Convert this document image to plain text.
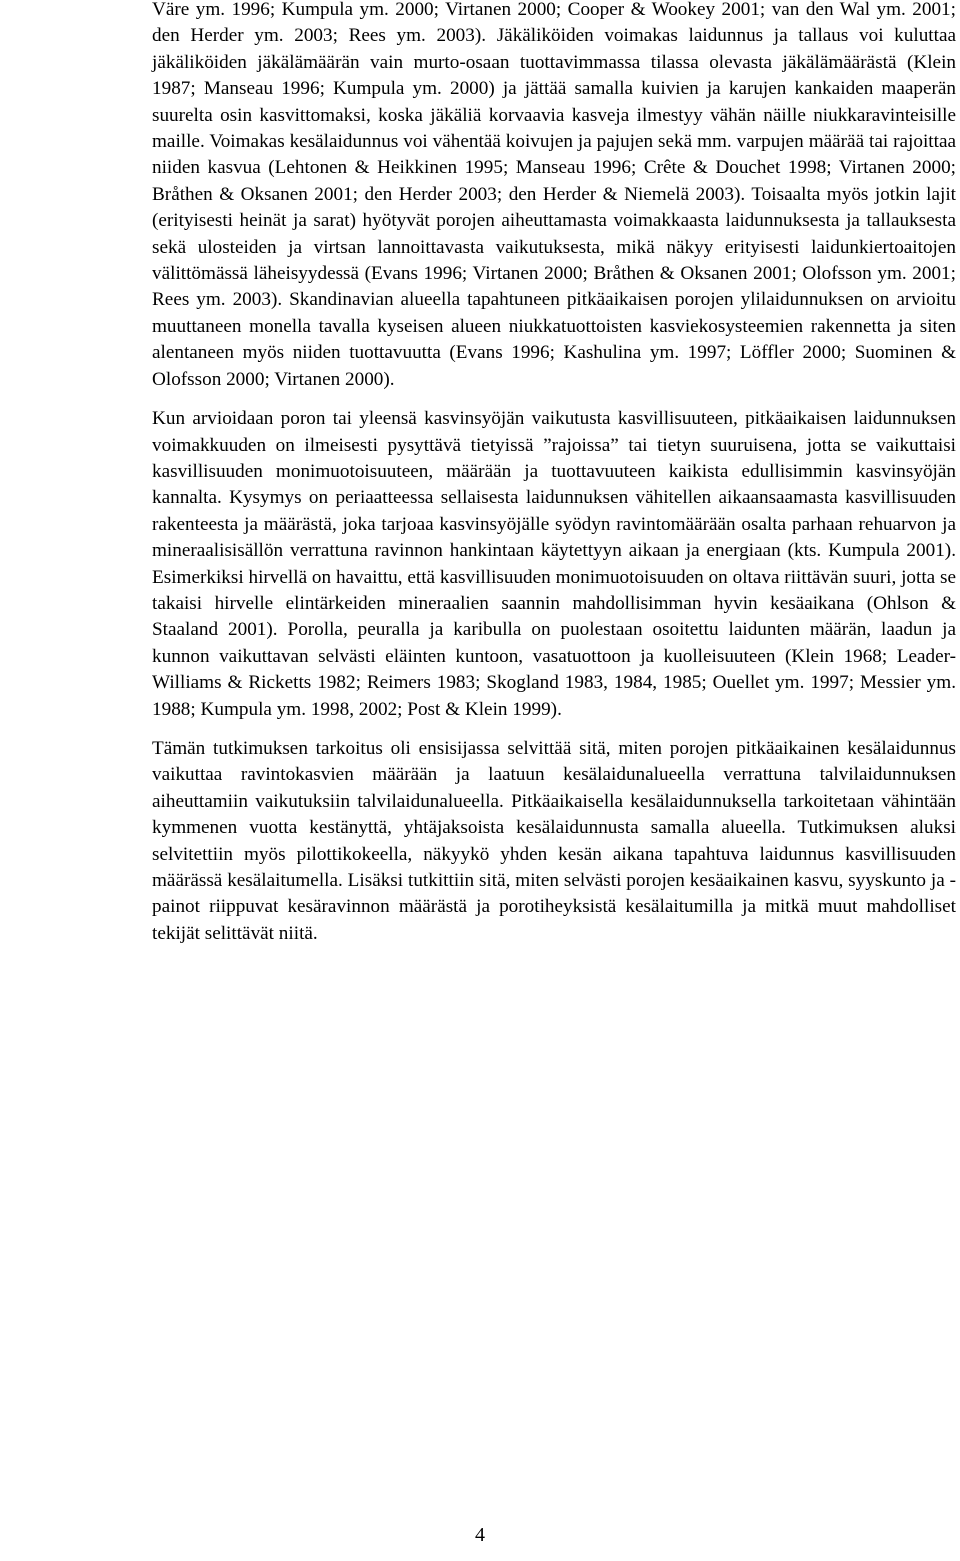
Väre ym. 1996; Kumpula ym. 2000; Virtanen 2000; Cooper & Wookey 2001; van den Wal ym. 2001; den Herder ym. 2003; Rees ym. 2003). Jäkäliköiden voimakas laidunnus ja tallaus voi kuluttaa jäkäliköiden jäkälämäärän vain murto-osaan tuottavimmassa tilassa olevasta jäkälämäärästä (Klein 1987; Manseau 1996; Kumpula ym. 2000) ja jättää samalla kuivien ja karujen kankaiden maaperän suurelta osin kasvittomaksi, koska jäkäliä korvaavia kasveja ilmestyy vähän näille niukkaravinteisille maille. Voimakas kesälaidunnus voi vähentää koivujen ja pajujen sekä mm. varpujen määrää tai rajoittaa niiden kasvua (Lehtonen & Heikkinen 1995; Manseau 1996; Crête & Douchet 1998; Virtanen 2000; Bråthen & Oksanen 2001; den Herder 2003; den Herder & Niemelä 2003). Toisaalta myös jotkin lajit (erityisesti heinät ja sarat) hyötyvät porojen aiheuttamasta voimakkaasta laidunnuksesta ja tallauksesta sekä ulosteiden ja virtsan lannoittavasta vaikutuksesta, mikä näkyy erityisesti laidunkiertoaitojen välittömässä läheisyydessä (Evans 1996; Virtanen 2000; Bråthen & Oksanen 2001; Olofsson ym. 2001; Rees ym. 2003). Skandinavian alueella tapahtuneen pitkäaikaisen porojen ylilaidunnuksen on arvioitu muuttaneen monella tavalla kyseisen alueen niukkatuottoisten kasviekosysteemien rakennetta ja siten alentaneen myös niiden tuottavuutta (Evans 1996; Kashulina ym. 1997; Löffler 2000; Suominen & Olofsson 2000; Virtanen 2000).

Kun arvioidaan poron tai yleensä kasvinsyöjän vaikutusta kasvillisuuteen, pitkäaikaisen laidunnuksen voimakkuuden on ilmeisesti pysyttävä tietyissä ”rajoissa” tai tietyn suuruisena, jotta se vaikuttaisi kasvillisuuden monimuotoisuuteen, määrään ja tuottavuuteen kaikista edullisimmin kasvinsyöjän kannalta. Kysymys on periaatteessa sellaisesta laidunnuksen vähitellen aikaansaamasta kasvillisuuden rakenteesta ja määrästä, joka tarjoaa kasvinsyöjälle syödyn ravintomäärään osalta parhaan rehuarvon ja mineraalisisällön verrattuna ravinnon hankintaan käytettyyn aikaan ja energiaan (kts. Kumpula 2001). Esimerkiksi hirvellä on havaittu, että kasvillisuuden monimuotoisuuden on oltava riittävän suuri, jotta se takaisi hirvelle elintärkeiden mineraalien saannin mahdollisimman hyvin kesäaikana (Ohlson & Staaland 2001). Porolla, peuralla ja karibulla on puolestaan osoitettu laidunten määrän, laadun ja kunnon vaikuttavan selvästi eläinten kuntoon, vasatuottoon ja kuolleisuuteen (Klein 1968; Leader-Williams & Ricketts 1982; Reimers 1983; Skogland 1983, 1984, 1985; Ouellet ym. 1997; Messier ym. 1988; Kumpula ym. 1998, 2002; Post & Klein 1999).

Tämän tutkimuksen tarkoitus oli ensisijassa selvittää sitä, miten porojen pitkäaikainen kesälaidunnus vaikuttaa ravintokasvien määrään ja laatuun kesälaidunalueella verrattuna talvilaidunnuksen aiheuttamiin vaikutuksiin talvilaidunalueella. Pitkäaikaisella kesälaidunnuksella tarkoitetaan vähintään kymmenen vuotta kestänyttä, yhtäjaksoista kesälaidunnusta samalla alueella. Tutkimuksen aluksi selvitettiin myös pilottikokeella, näkyykö yhden kesän aikana tapahtuva laidunnus kasvillisuuden määrässä kesälaitumella. Lisäksi tutkittiin sitä, miten selvästi porojen kesäaikainen kasvu, syyskunto ja -painot riippuvat kesäravinnon määrästä ja porotiheyksistä kesälaitumilla ja mitkä muut mahdolliset tekijät selittävät niitä.

4
